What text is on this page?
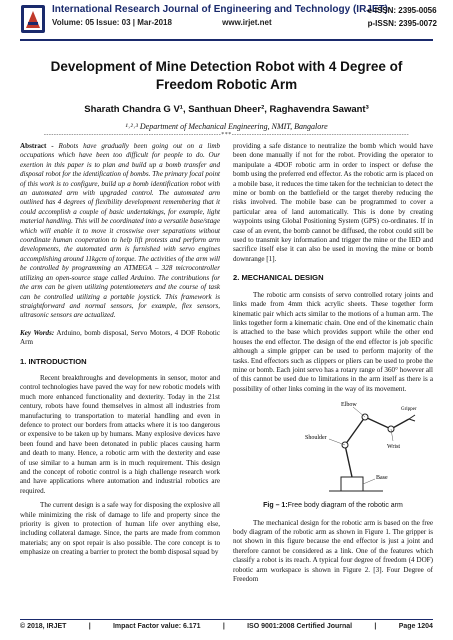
International Research Journal of Engineering and Technology (IRJET)
Volume: 05 Issue: 03 | Mar-2018	www.irjet.net
e-ISSN: 2395-0056
p-ISSN: 2395-0072
Development of Mine Detection Robot with 4 Degree of Freedom Robotic Arm
Sharath Chandra G V¹, Santhuan Dheer², Raghavendra Sawant³
¹˒²˒³ Department of Mechanical Engineering, NMIT, Bangalore
-----------------------------------------------------------------------***-----------------------------------------------------------------------

Abstract - Robots have gradually been going out on a limb occupations which have been too difficult for people to do. Our exertion in this paper is to plan and build up a bomb transfer and disposal robot for the identification of bombs. The primary focal point of this work is to configure, build up a bomb identification robot with an automated arm with upgraded control. The automated arm outlined has 4 degrees of flexibility development remembering that it could accomplish a couple of basic undertakings, for example, light material handling. This will be coordinated into a versatile base/stage which will enable it to move it crosswise over separations without coordinate human cooperation to help lift protests and perform arm developments, the automated arm is furnished with servo engines accomplishing around 11kgcm of torque. The activities of the arm will be controlled by programming an ATMEGA – 328 microcontroller utilizing an open-source stage called Arduino. The contributions for the arm can be given utilizing potentiometers and the course of task can be controlled utilizing a portable joystick. This framework is straightforward and normal sensors, for example, flex sensors, ultrasonic sensors are actualized.

Key Words: Arduino, bomb disposal, Servo Motors, 4 DOF Robotic Arm

1. INTRODUCTION

Recent breakthroughs and developments in sensor, motor and control technologies have paved the way for new robotic models with much more enhanced functionality and dexterity. Today in the 21st century, robots have found themselves in almost all industries from manufacturing to transportation to material handling and even in defence to protect our borders from attacks where it is too dangerous or expensive to be taken up by humans. Many explosive devices have been found and have been detonated in public places causing harm and death to many. Hence, a robotic arm with the dexterity and ease of use similar to a human arm is in much requirement. This design and the concept of robotic control is a high challenge research work and have applications where automation and industrial robotics are required.

The current design is a safe way for disposing the explosive all while minimizing the risk of damage to life and property since the priority is given to protection of human life over anything else, including collateral damage. Since, the parts are made from common materials; any on spot repair is also possible. The core concept is to emphasize on creating a barrier to protect the bomb disposal squad by

providing a safe distance to neutralize the bomb which would have been done manually if not for the robot. Providing the operator to manipulate a 4DOF robotic arm in order to inspect or defuse the bomb using the preferred end effector. As the robotic arm is placed on a mobile base, it reduces the time taken for the technician to detect the mine or bomb on the battlefield or the target thereby reducing the risks involved. The mobile base can be programmed to cover a particular area of land automatically. This is done by creating waypoints using Global Positioning System (GPS) co-ordinates. If in case of an event, the bomb cannot be diffused, the robot could still be used to transmit key information and trigger the mine or the IED and sacrifice itself else it can also be used in moving the mine or bomb downrange [1].

2. MECHANICAL DESIGN

The robotic arm consists of servo controlled rotary joints and links made from 4mm thick acrylic sheets. These together form kinematic pair which acts similar to the motions of a human arm. The links together form a kinematic chain. One end of the kinematic chain is attached to the base which provides support while the other end houses the end effector. The design of the end effector is job specific although a simple gripper can be used to perform majority of the tasks. End effectors such as clippers or pliers can be used to probe the mine or bomb. Each joint servo has a rotary range of 360° however all of this cannot be used due to limitations in the arm itself as there is a possibility of other links coming in the way of its movement.

Elbow
Shoulder
Wrist
Base
Gripper
Fig – 1:Free body diagram of the robotic arm

The mechanical design for the robotic arm is based on the free body diagram of the robotic arm as shown in Figure 1. The gripper is not shown in this figure because the end effector is just a joint and therefore cannot be considered as a link. One of the features which classify a robot is its reach. A typical four degree of freedom (4 DOF) robotic arm workspace is shown in Figure 2. [3]. Four Degree of Freedom

© 2018, IRJET	|	Impact Factor value: 6.171	|	ISO 9001:2008 Certified Journal	|	Page 1204
